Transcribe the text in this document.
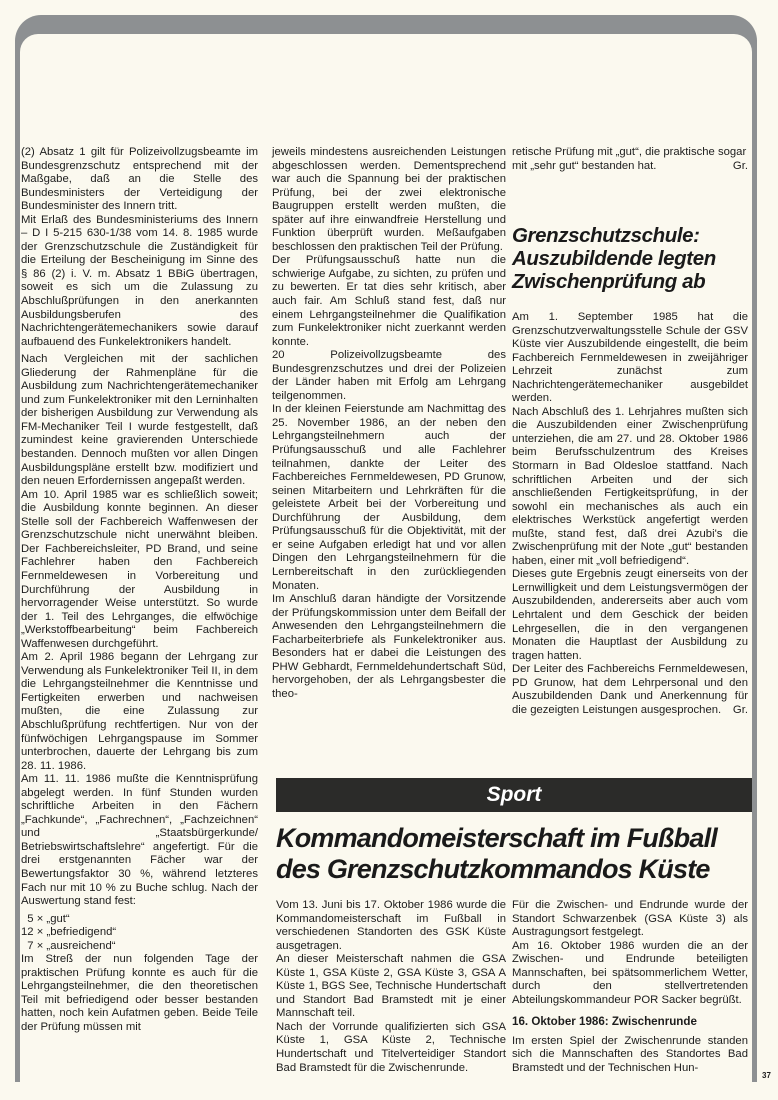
(2) Absatz 1 gilt für Polizeivollzugsbeamte im Bundesgrenzschutz entsprechend mit der Maßgabe, daß an die Stelle des Bundesministers der Verteidigung der Bundesminister des Innern tritt.

Mit Erlaß des Bundesministeriums des Innern – D I 5-215 630-1/38 vom 14. 8. 1985 wurde der Grenzschutzschule die Zuständigkeit für die Erteilung der Bescheinigung im Sinne des § 86 (2) i. V. m. Absatz 1 BBiG übertragen, soweit es sich um die Zulassung zu Abschlußprüfungen in den anerkannten Ausbildungsberufen des Nachrichtengerätemechanikers sowie darauf aufbauend des Funkelektronikers handelt.

Nach Vergleichen mit der sachlichen Gliederung der Rahmenpläne für die Ausbildung zum Nachrichtengerätemechaniker und zum Funkelektroniker mit den Lerninhalten der bisherigen Ausbildung zur Verwendung als FM-Mechaniker Teil I wurde festgestellt, daß zumindest keine gravierenden Unterschiede bestanden. Dennoch mußten vor allen Dingen Ausbildungspläne erstellt bzw. modifiziert und den neuen Erfordernissen angepaßt werden.

Am 10. April 1985 war es schließlich soweit; die Ausbildung konnte beginnen. An dieser Stelle soll der Fachbereich Waffenwesen der Grenzschutzschule nicht unerwähnt bleiben. Der Fachbereichsleiter, PD Brand, und seine Fachlehrer haben den Fachbereich Fernmeldewesen in Vorbereitung und Durchführung der Ausbildung in hervorragender Weise unterstützt. So wurde der 1. Teil des Lehrganges, die elfwöchige „Werkstoffbearbeitung“ beim Fachbereich Waffenwesen durchgeführt.

Am 2. April 1986 begann der Lehrgang zur Verwendung als Funkelektroniker Teil II, in dem die Lehrgangsteilnehmer die Kenntnisse und Fertigkeiten erwerben und nachweisen mußten, die eine Zulassung zur Abschlußprüfung rechtfertigen. Nur von der fünfwöchigen Lehrgangspause im Sommer unterbrochen, dauerte der Lehrgang bis zum 28. 11. 1986.

Am 11. 11. 1986 mußte die Kenntnisprüfung abgelegt werden. In fünf Stunden wurden schriftliche Arbeiten in den Fächern „Fachkunde“, „Fachrechnen“, „Fachzeichnen“ und „Staatsbürgerkunde/ Betriebswirtschaftslehre“ angefertigt. Für die drei erstgenannten Fächer war der Bewertungsfaktor 30 %, während letzteres Fach nur mit 10 % zu Buche schlug. Nach der Auswertung stand fest:

5 × „gut“

12 × „befriedigend“

7 × „ausreichend“

Im Streß der nun folgenden Tage der praktischen Prüfung konnte es auch für die Lehrgangsteilnehmer, die den theoretischen Teil mit befriedigend oder besser bestanden hatten, noch kein Aufatmen geben. Beide Teile der Prüfung müssen mit

jeweils mindestens ausreichenden Leistungen abgeschlossen werden. Dementsprechend war auch die Spannung bei der praktischen Prüfung, bei der zwei elektronische Baugruppen erstellt werden mußten, die später auf ihre einwandfreie Herstellung und Funktion überprüft wurden. Meßaufgaben beschlossen den praktischen Teil der Prüfung.

Der Prüfungsausschuß hatte nun die schwierige Aufgabe, zu sichten, zu prüfen und zu bewerten. Er tat dies sehr kritisch, aber auch fair. Am Schluß stand fest, daß nur einem Lehrgangsteilnehmer die Qualifikation zum Funkelektroniker nicht zuerkannt werden konnte.

20 Polizeivollzugsbeamte des Bundesgrenzschutzes und drei der Polizeien der Länder haben mit Erfolg am Lehrgang teilgenommen.

In der kleinen Feierstunde am Nachmittag des 25. November 1986, an der neben den Lehrgangsteilnehmern auch der Prüfungsausschuß und alle Fachlehrer teilnahmen, dankte der Leiter des Fachbereiches Fernmeldewesen, PD Grunow, seinen Mitarbeitern und Lehrkräften für die geleistete Arbeit bei der Vorbereitung und Durchführung der Ausbildung, dem Prüfungsausschuß für die Objektivität, mit der er seine Aufgaben erledigt hat und vor allen Dingen den Lehrgangsteilnehmern für die Lernbereitschaft in den zurückliegenden Monaten.

Im Anschluß daran händigte der Vorsitzende der Prüfungskommission unter dem Beifall der Anwesenden den Lehrgangsteilnehmern die Facharbeiterbriefe als Funkelektroniker aus. Besonders hat er dabei die Leistungen des PHW Gebhardt, Fernmeldehundertschaft Süd, hervorgehoben, der als Lehrgangsbester die theo-

retische Prüfung mit „gut“, die praktische sogar mit „sehr gut“ bestanden hat.	Gr.

Grenzschutzschule:
Auszubildende legten
Zwischenprüfung ab

Am 1. September 1985 hat die Grenzschutzverwaltungsstelle Schule der GSV Küste vier Auszubildende eingestellt, die beim Fachbereich Fernmeldewesen in zweijähriger Lehrzeit zunächst zum Nachrichtengerätemechaniker ausgebildet werden.

Nach Abschluß des 1. Lehrjahres mußten sich die Auszubildenden einer Zwischenprüfung unterziehen, die am 27. und 28. Oktober 1986 beim Berufsschulzentrum des Kreises Stormarn in Bad Oldesloe stattfand. Nach schriftlichen Arbeiten und der sich anschließenden Fertigkeitsprüfung, in der sowohl ein mechanisches als auch ein elektrisches Werkstück angefertigt werden mußte, stand fest, daß drei Azubi's die Zwischenprüfung mit der Note „gut“ bestanden haben, einer mit „voll befriedigend“.

Dieses gute Ergebnis zeugt einerseits von der Lernwilligkeit und dem Leistungsvermögen der Auszubildenden, andererseits aber auch vom Lehrtalent und dem Geschick der beiden Lehrgesellen, die in den vergangenen Monaten die Hauptlast der Ausbildung zu tragen hatten.

Der Leiter des Fachbereichs Fernmeldewesen, PD Grunow, hat dem Lehrpersonal und den Auszubildenden Dank und Anerkennung für die gezeigten Leistungen ausgesprochen. Gr.

Sport
Kommandomeisterschaft im Fußball
des Grenzschutzkommandos Küste

Vom 13. Juni bis 17. Oktober 1986 wurde die Kommandomeisterschaft im Fußball in verschiedenen Standorten des GSK Küste ausgetragen.

An dieser Meisterschaft nahmen die GSA Küste 1, GSA Küste 2, GSA Küste 3, GSA A Küste 1, BGS See, Technische Hundertschaft und Standort Bad Bramstedt mit je einer Mannschaft teil.

Nach der Vorrunde qualifizierten sich GSA Küste 1, GSA Küste 2, Technische Hundertschaft und Titelverteidiger Standort Bad Bramstedt für die Zwischenrunde.

Für die Zwischen- und Endrunde wurde der Standort Schwarzenbek (GSA Küste 3) als Austragungsort festgelegt.

Am 16. Oktober 1986 wurden die an der Zwischen- und Endrunde beteiligten Mannschaften, bei spätsommerlichem Wetter, durch den stellvertretenden Abteilungskommandeur POR Sacker begrüßt.

16. Oktober 1986: Zwischenrunde

Im ersten Spiel der Zwischenrunde standen sich die Mannschaften des Standortes Bad Bramstedt und der Technischen Hun-

37
